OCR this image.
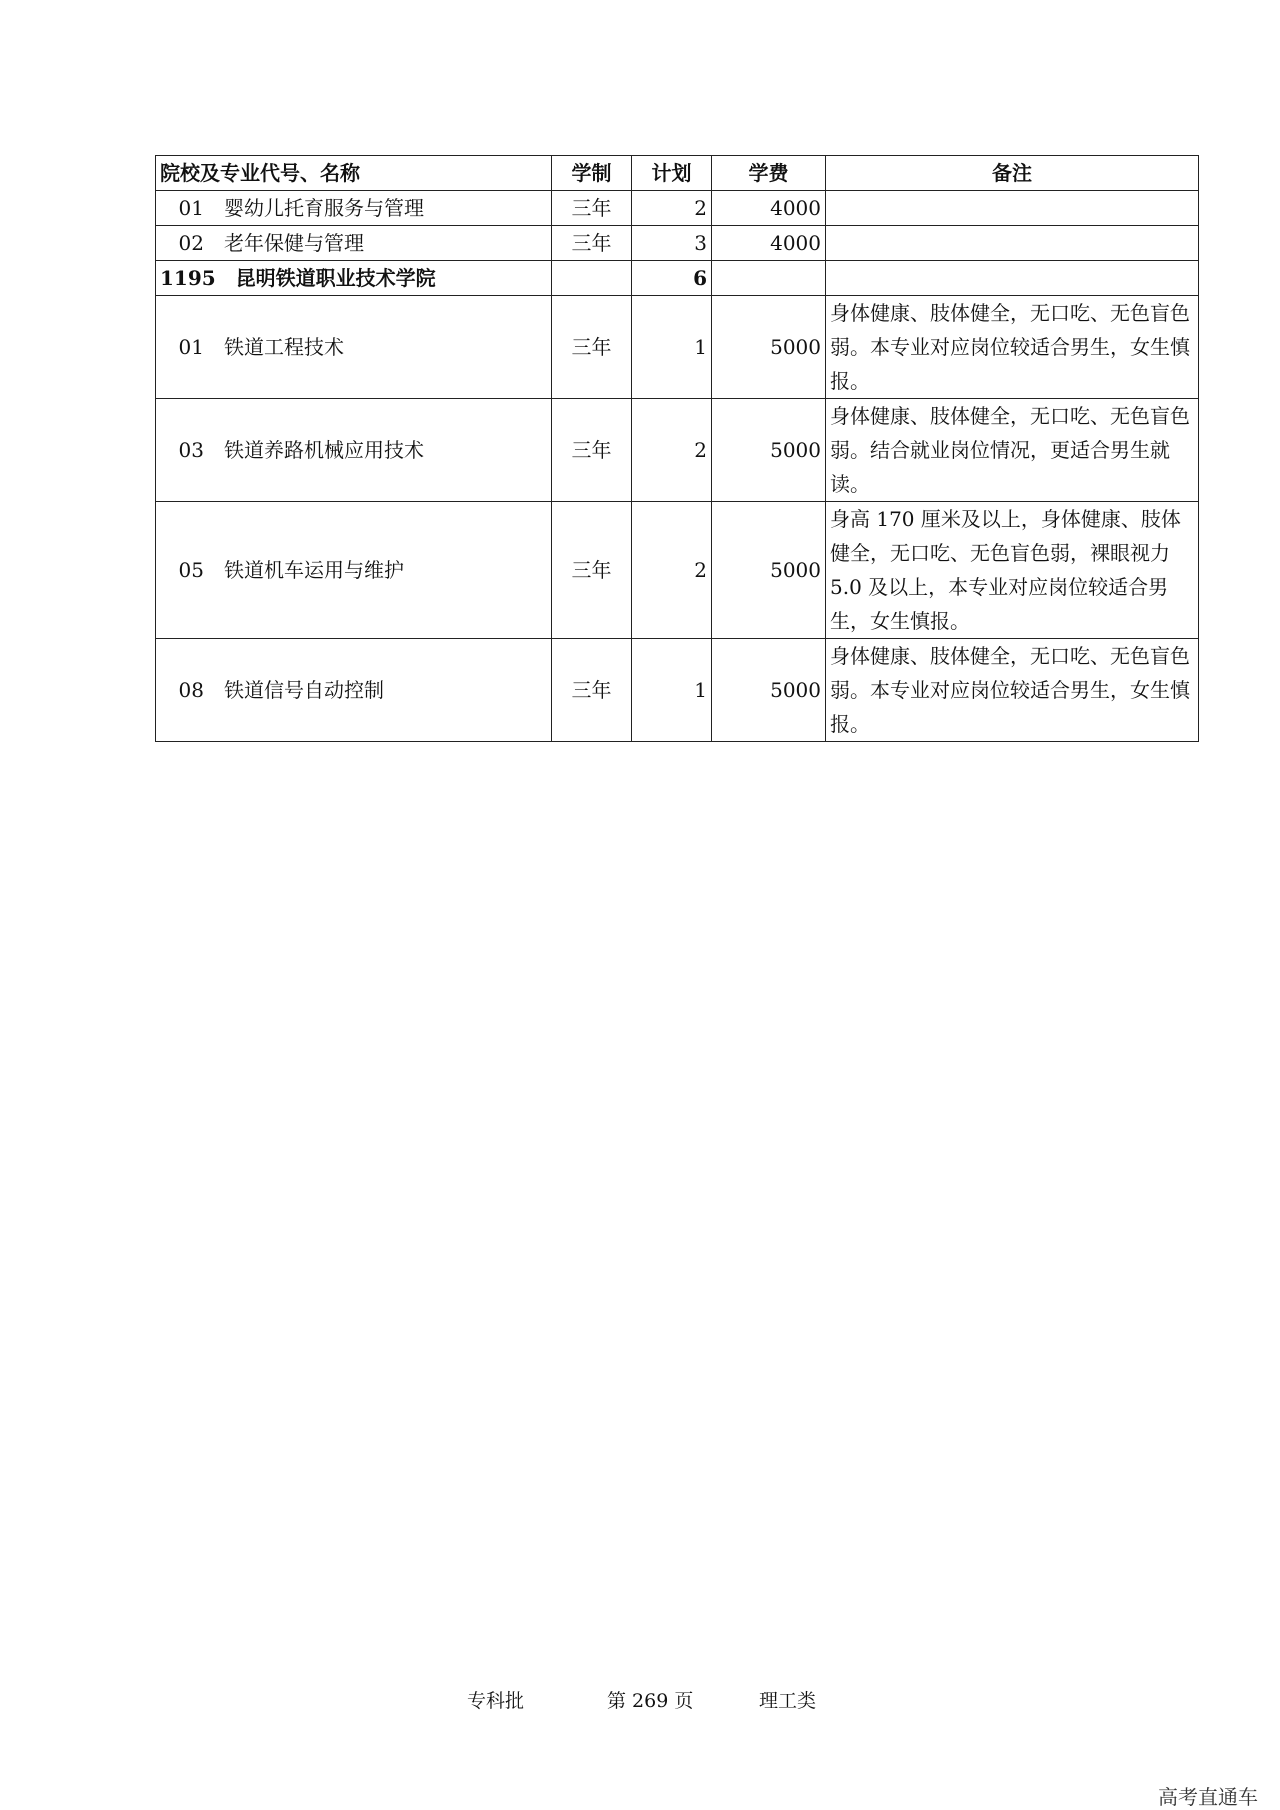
院校及专业代号、名称	学制	计划	学费	备注
01 婴幼儿托育服务与管理	三年	2	4000	
02 老年保健与管理	三年	3	4000	
1195 昆明铁道职业技术学院		6		
01 铁道工程技术	三年	1	5000	身体健康、肢体健全，无口吃、无色盲色弱。本专业对应岗位较适合男生，女生慎报。
03 铁道养路机械应用技术	三年	2	5000	身体健康、肢体健全，无口吃、无色盲色弱。结合就业岗位情况，更适合男生就读。
05 铁道机车运用与维护	三年	2	5000	身高 170 厘米及以上，身体健康、肢体健全，无口吃、无色盲色弱，裸眼视力5.0 及以上，本专业对应岗位较适合男生，女生慎报。
08 铁道信号自动控制	三年	1	5000	身体健康、肢体健全，无口吃、无色盲色弱。本专业对应岗位较适合男生，女生慎报。
专科批	第 269 页	理工类
高考直通车
